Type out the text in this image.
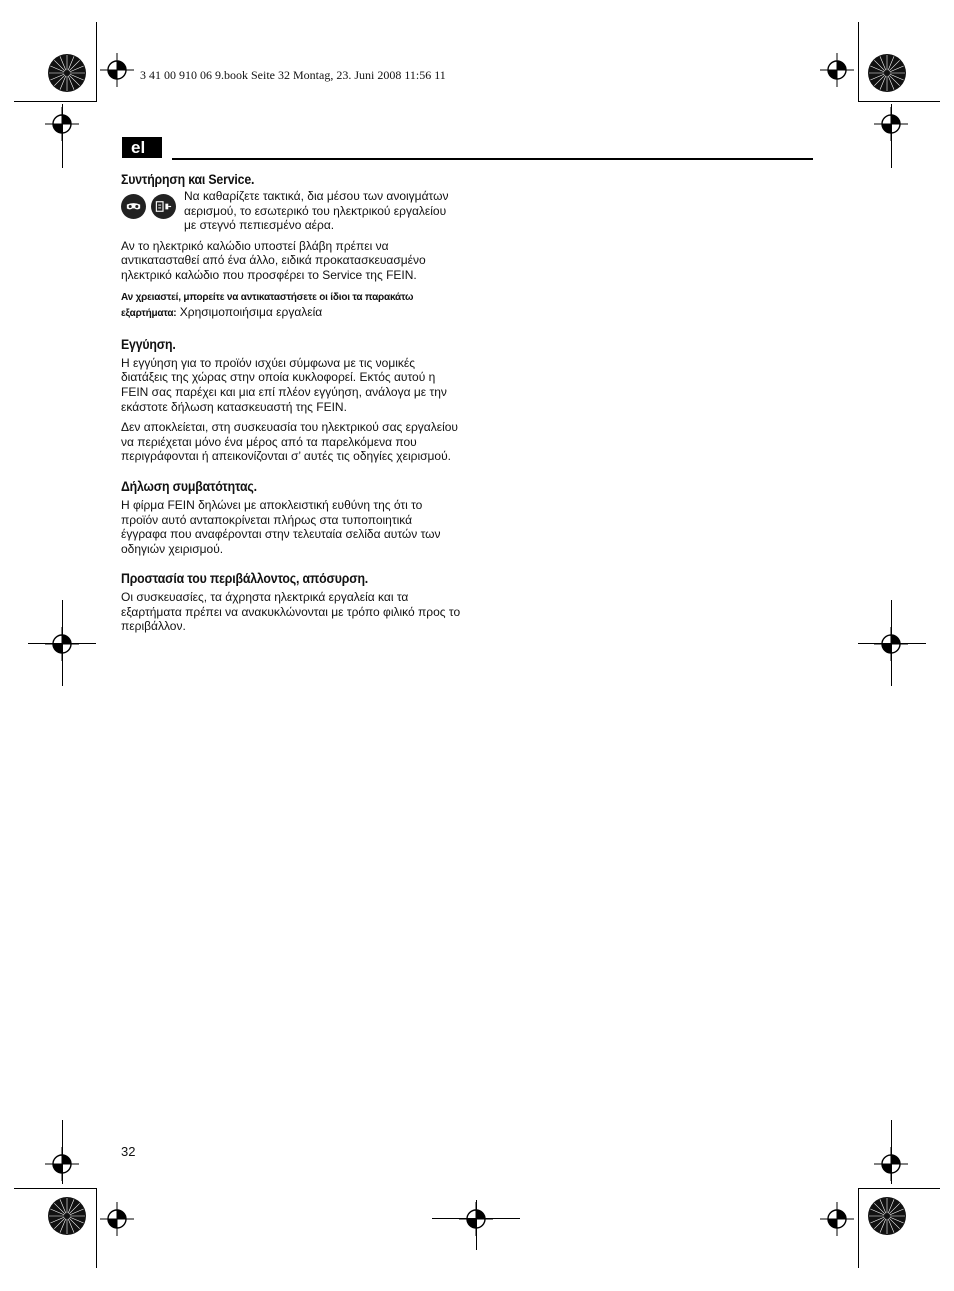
3 41 00 910 06 9.book Seite 32 Montag, 23. Juni 2008 11:56 11
el
Συντήρηση και Service.

Να καθαρίζετε τακτικά, δια μέσου των ανοιγμάτων αερισμού, το εσωτερικό του ηλεκτρικού εργαλείου με στεγνό πεπιεσμένο αέρα.

Αν το ηλεκτρικό καλώδιο υποστεί βλάβη πρέπει να αντικατασταθεί από ένα άλλο, ειδικά προκατασκευασμένο ηλεκτρικό καλώδιο που προσφέρει το Service της FEIN.

Αν χρειαστεί, μπορείτε να αντικαταστήσετε οι ίδιοι τα παρακάτω εξαρτήματα: Χρησιμοποιήσιμα εργαλεία

Εγγύηση.

Η εγγύηση για το προϊόν ισχύει σύμφωνα με τις νομικές διατάξεις της χώρας στην οποία κυκλοφορεί. Εκτός αυτού η FEIN σας παρέχει και μια επί πλέον εγγύηση, ανάλογα με την εκάστοτε δήλωση κατασκευαστή της FEIN.

Δεν αποκλείεται, στη συσκευασία του ηλεκτρικού σας εργαλείου να περιέχεται μόνο ένα μέρος από τα παρελκόμενα που περιγράφονται ή απεικονίζονται σ’ αυτές τις οδηγίες χειρισμού.

Δήλωση συμβατότητας.

Η φίρμα FEIN δηλώνει με αποκλειστική ευθύνη της ότι το προϊόν αυτό ανταποκρίνεται πλήρως στα τυποποιητικά έγγραφα που αναφέρονται στην τελευταία σελίδα αυτών των οδηγιών χειρισμού.

Προστασία του περιβάλλοντος, απόσυρση.

Οι συσκευασίες, τα άχρηστα ηλεκτρικά εργαλεία και τα εξαρτήματα πρέπει να ανακυκλώνονται με τρόπο φιλικό προς το περιβάλλον.

32
